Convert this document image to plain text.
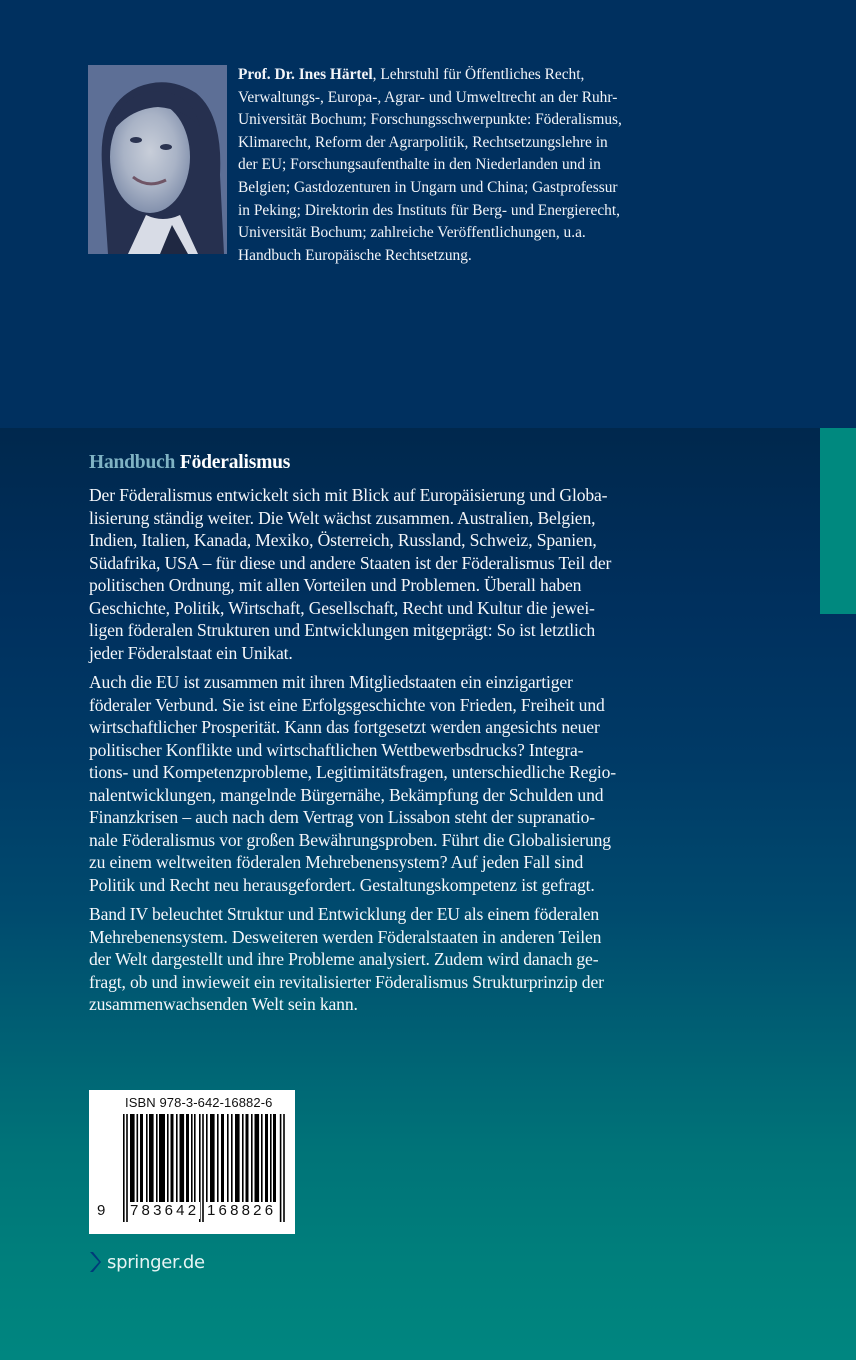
Prof. Dr. Ines Härtel, Lehrstuhl für Öffentliches Recht,
Verwaltungs-, Europa-, Agrar- und Umweltrecht an der Ruhr-
Universität Bochum; Forschungsschwerpunkte: Föderalismus,
Klimarecht, Reform der Agrarpolitik, Rechtsetzungslehre in
der EU; Forschungsaufenthalte in den Niederlanden und in
Belgien; Gastdozenturen in Ungarn und China; Gastprofessur
in Peking; Direktorin des Instituts für Berg- und Energierecht,
Universität Bochum; zahlreiche Veröffentlichungen, u.a.
Handbuch Europäische Rechtsetzung.
Handbuch Föderalismus

Der Föderalismus entwickelt sich mit Blick auf Europäisierung und Globa-
lisierung ständig weiter. Die Welt wächst zusammen. Australien, Belgien,
Indien, Italien, Kanada, Mexiko, Österreich, Russland, Schweiz, Spanien,
Südafrika, USA – für diese und andere Staaten ist der Föderalismus Teil der
politischen Ordnung, mit allen Vorteilen und Problemen. Überall haben
Geschichte, Politik, Wirtschaft, Gesellschaft, Recht und Kultur die jewei-
ligen föderalen Strukturen und Entwicklungen mitgeprägt: So ist letztlich
jeder Föderalstaat ein Unikat.

Auch die EU ist zusammen mit ihren Mitgliedstaaten ein einzigartiger
föderaler Verbund. Sie ist eine Erfolgsgeschichte von Frieden, Freiheit und
wirtschaftlicher Prosperität. Kann das fortgesetzt werden angesichts neuer
politischer Konflikte und wirtschaftlichen Wettbewerbsdrucks? Integra-
tions- und Kompetenzprobleme, Legitimitätsfragen, unterschiedliche Regio-
nalentwicklungen, mangelnde Bürgernähe, Bekämpfung der Schulden und
Finanzkrisen – auch nach dem Vertrag von Lissabon steht der supranatio-
nale Föderalismus vor großen Bewährungsproben. Führt die Globalisierung
zu einem weltweiten föderalen Mehrebenensystem? Auf jeden Fall sind
Politik und Recht neu herausgefordert. Gestaltungskompetenz ist gefragt.

Band IV beleuchtet Struktur und Entwicklung der EU als einem föderalen
Mehrebenensystem. Desweiteren werden Föderalstaaten in anderen Teilen
der Welt dargestellt und ihre Probleme analysiert. Zudem wird danach ge-
fragt, ob und inwieweit ein revitalisierter Föderalismus Strukturprinzip der
zusammenwachsenden Welt sein kann.

ISBN 978-3-642-16882-6
9 783642 168826
springer.de
